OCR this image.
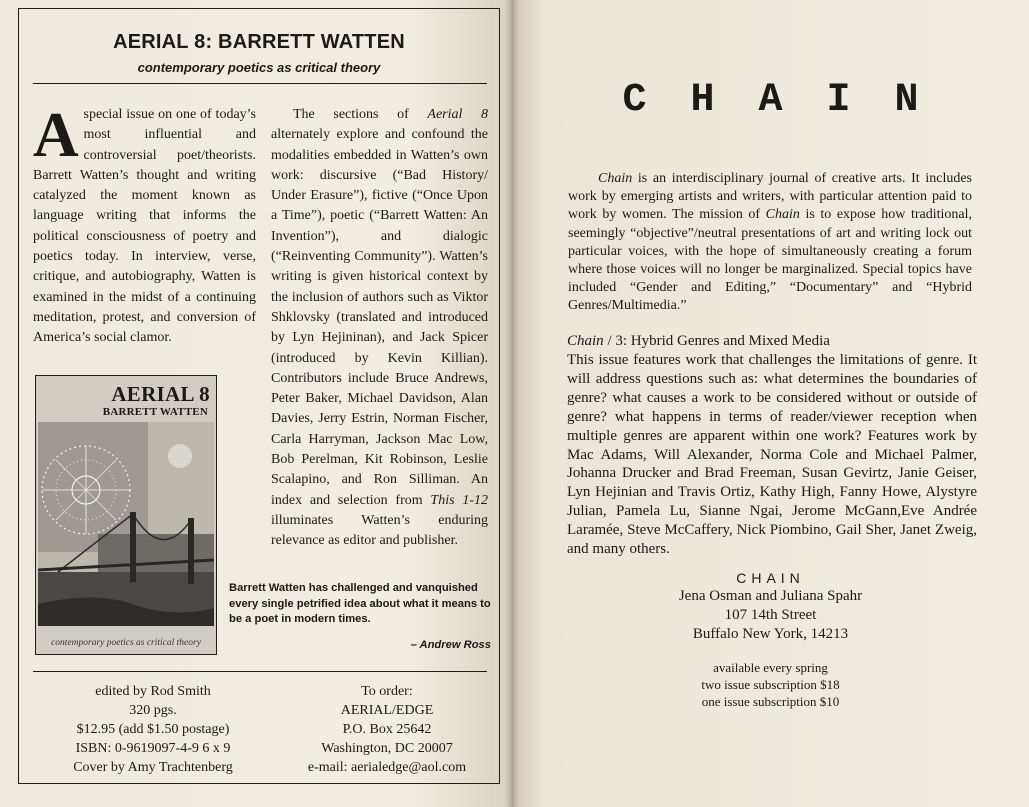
AERIAL 8: BARRETT WATTEN
contemporary poetics as critical theory

Aspecial issue on one of today’s most influential and controversial poet/theorists. Barrett Watten’s thought and writing catalyzed the moment known as language writing that informs the political consciousness of poetry and poetics today. In interview, verse, critique, and autobiography, Watten is examined in the midst of a continuing meditation, protest, and conversion of America’s social clamor.

The sections of Aerial 8 alternately explore and confound the modalities embedded in Watten’s own work: discursive (“Bad History/ Under Erasure”), fictive (“Once Upon a Time”), poetic (“Barrett Watten: An Invention”), and dialogic (“Reinventing Community”). Watten’s writing is given historical context by the inclusion of authors such as Viktor Shklovsky (translated and introduced by Lyn Hejininan), and Jack Spicer (introduced by Kevin Killian). Contributors include Bruce Andrews, Peter Baker, Michael Davidson, Alan Davies, Jerry Estrin, Norman Fischer, Carla Harryman, Jackson Mac Low, Bob Perelman, Kit Robinson, Leslie Scalapino, and Ron Silliman. An index and selection from This 1-12 illuminates Watten’s enduring relevance as editor and publisher.

AERIAL 8
BARRETT WATTEN
contemporary poetics as critical theory
Barrett Watten has challenged and vanquished every single petrified idea about what it means to be a poet in modern times.
– Andrew Ross
edited by Rod Smith
320 pgs.
$12.95 (add $1.50 postage)
ISBN: 0-9619097-4-9 6 x 9
Cover by Amy Trachtenberg
To order:
AERIAL/EDGE
P.O. Box 25642
Washington, DC 20007
e-mail: aerialedge@aol.com
CHAIN

Chain is an interdisciplinary journal of creative arts. It includes work by emerging artists and writers, with particular attention paid to work by women. The mission of Chain is to expose how traditional, seemingly “objective”/neutral presentations of art and writing lock out particular voices, with the hope of simultaneously creating a forum where those voices will no longer be marginalized. Special topics have included “Gender and Editing,” “Documentary” and “Hybrid Genres/Multimedia.”

Chain / 3: Hybrid Genres and Mixed Media

This issue features work that challenges the limitations of genre. It will address questions such as: what determines the boundaries of genre? what causes a work to be considered without or outside of genre? what happens in terms of reader/viewer reception when multiple genres are apparent within one work? Features work by Mac Adams, Will Alexander, Norma Cole and Michael Palmer, Johanna Drucker and Brad Freeman, Susan Gevirtz, Janie Geiser, Lyn Hejinian and Travis Ortiz, Kathy High, Fanny Howe, Alystyre Julian, Pamela Lu, Sianne Ngai, Jerome McGann,Eve Andrée Laramée, Steve McCaffery, Nick Piombino, Gail Sher, Janet Zweig, and many others.

CHAIN
Jena Osman and Juliana Spahr
107 14th Street
Buffalo New York, 14213
available every spring
two issue subscription $18
one issue subscription $10
